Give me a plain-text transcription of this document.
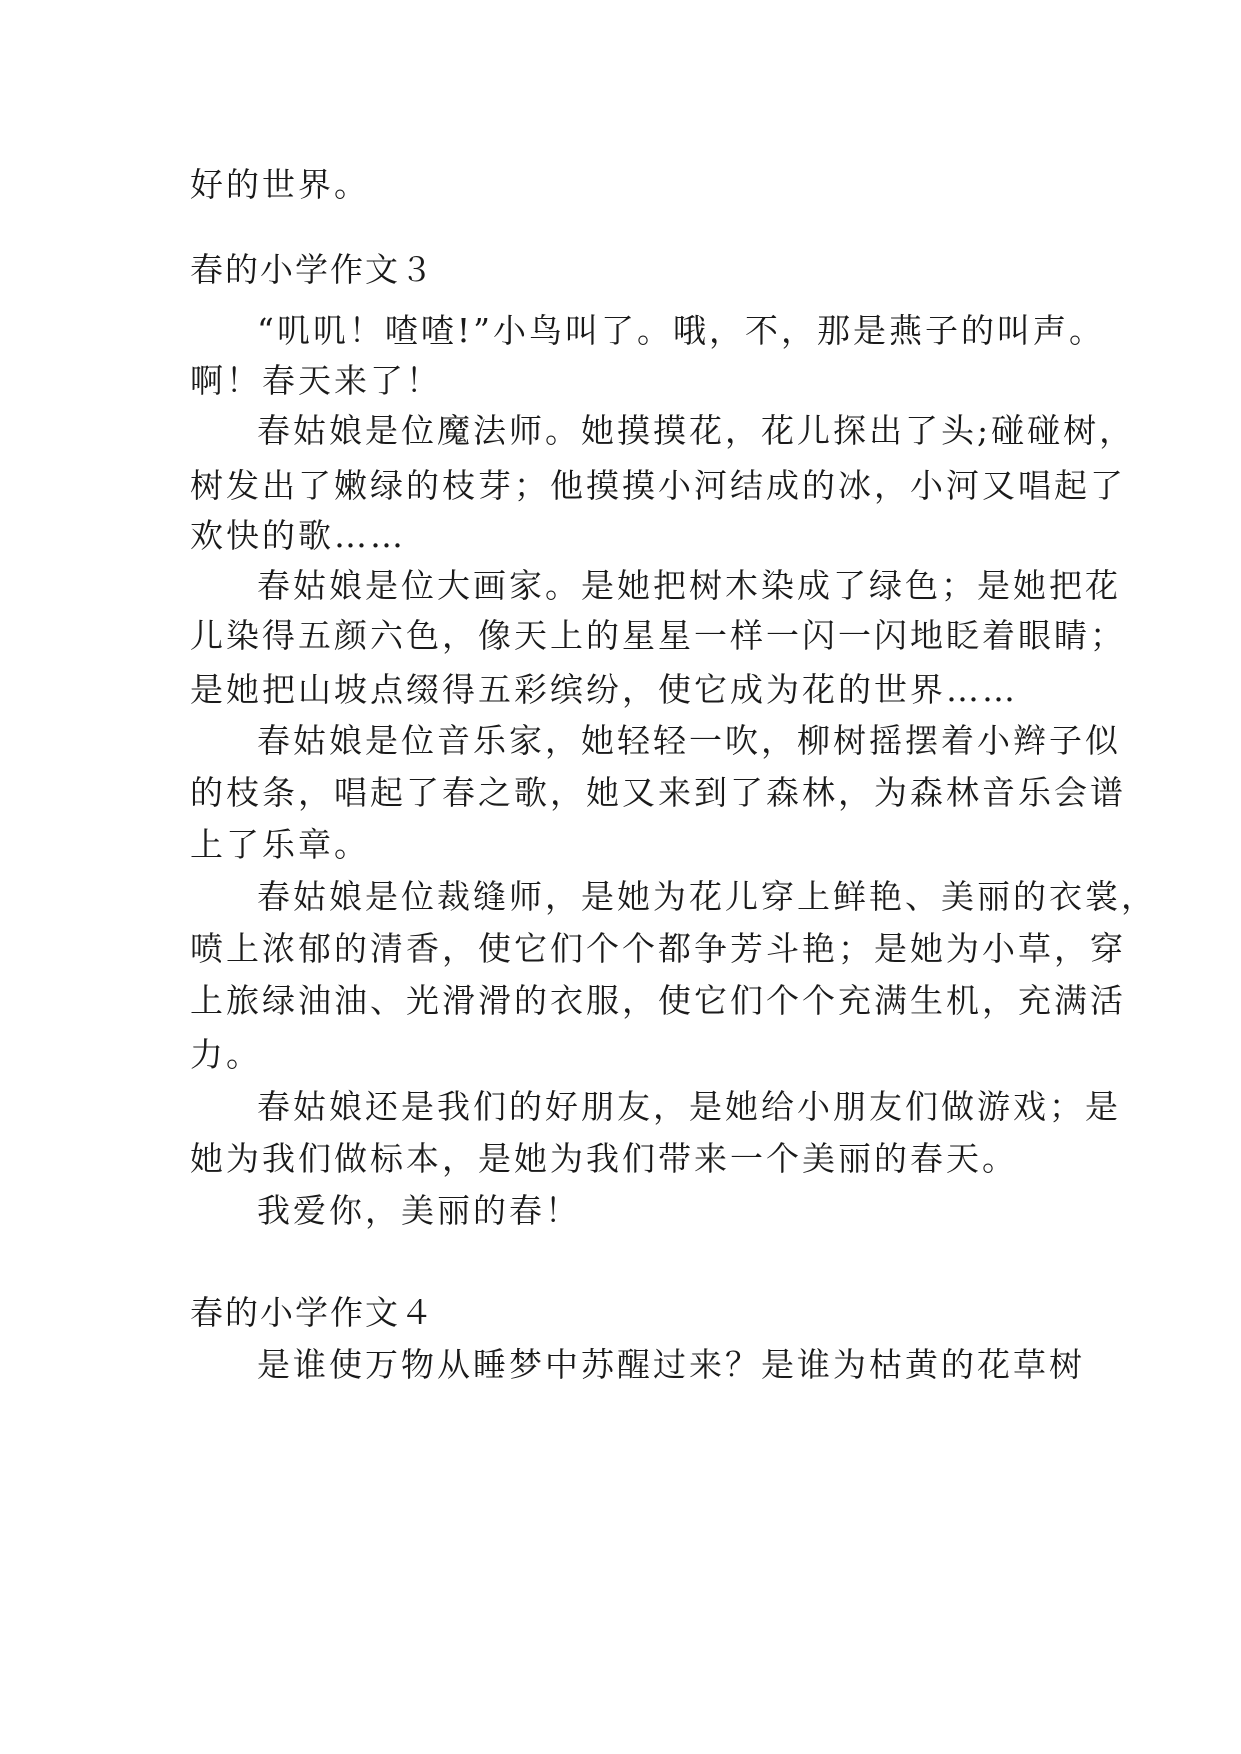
好的世界。
春的小学作文３
“叽叽！喳喳!”小鸟叫了。哦，不，那是燕子的叫声。
啊！春天来了！
春姑娘是位魔法师。她摸摸花，花儿探出了头;碰碰树，
树发出了嫩绿的枝芽；他摸摸小河结成的冰，小河又唱起了
欢快的歌……
春姑娘是位大画家。是她把树木染成了绿色；是她把花
儿染得五颜六色，像天上的星星一样一闪一闪地眨着眼睛；
是她把山坡点缀得五彩缤纷，使它成为花的世界……
春姑娘是位音乐家，她轻轻一吹，柳树摇摆着小辫子似
的枝条，唱起了春之歌，她又来到了森林，为森林音乐会谱
上了乐章。
春姑娘是位裁缝师，是她为花儿穿上鲜艳、美丽的衣裳，
喷上浓郁的清香，使它们个个都争芳斗艳；是她为小草，穿
上旅绿油油、光滑滑的衣服，使它们个个充满生机，充满活
力。
春姑娘还是我们的好朋友，是她给小朋友们做游戏；是
她为我们做标本，是她为我们带来一个美丽的春天。
我爱你，美丽的春！
春的小学作文４
是谁使万物从睡梦中苏醒过来？是谁为枯黄的花草树
